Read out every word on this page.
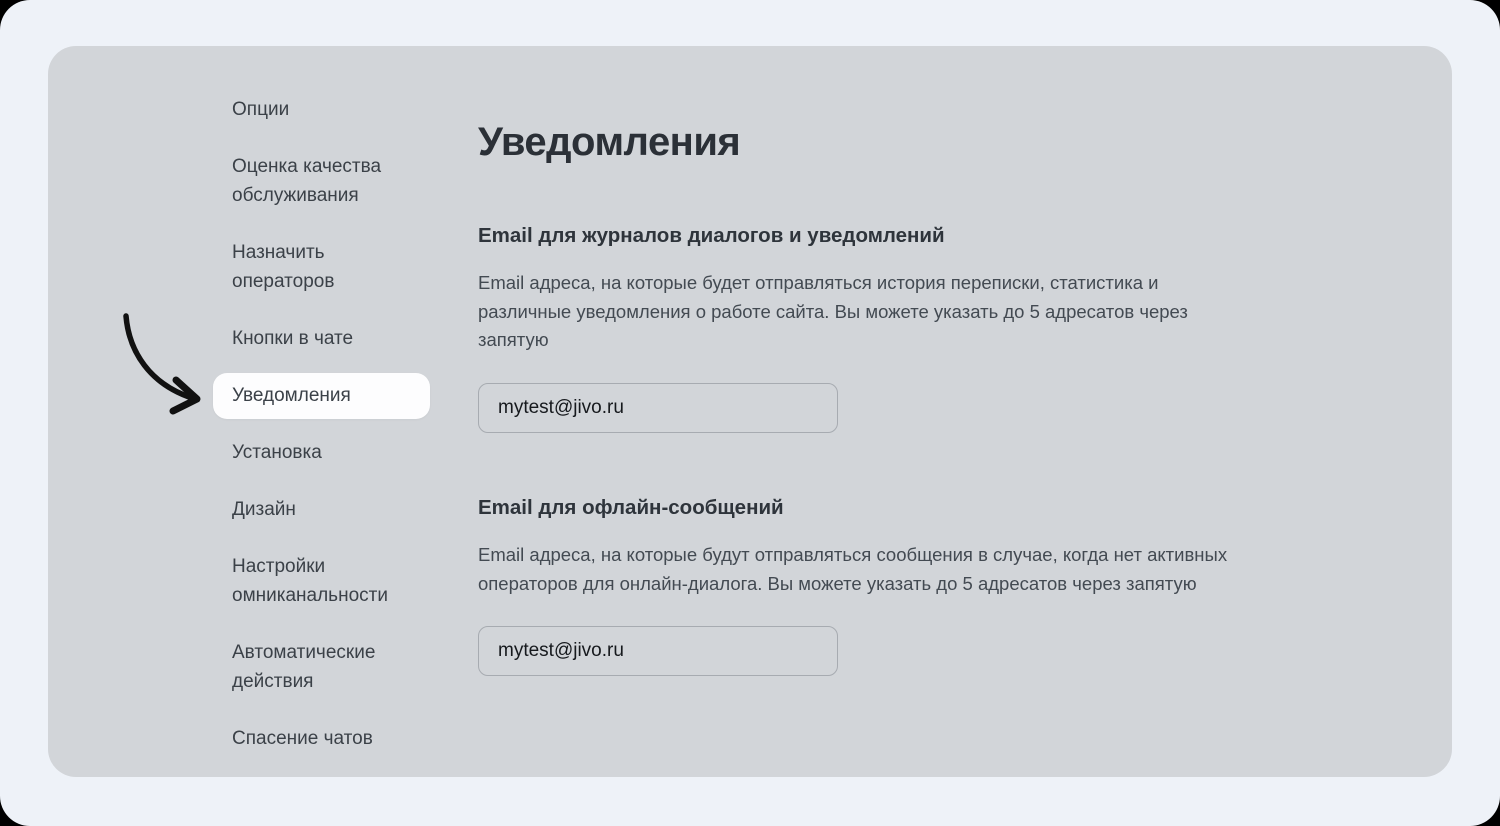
Опции
Оценка качества обслуживания
Назначить операторов
Кнопки в чате
Уведомления
Установка
Дизайн
Настройки омниканальности
Автоматические действия
Спасение чатов
Уведомления
Email для журналов диалогов и уведомлений

Email адреса, на которые будет отправляться история переписки, статистика и различные уведомления о работе сайта. Вы можете указать до 5 адресатов через запятую

mytest@jivo.ru
Email для офлайн-сообщений

Email адреса, на которые будут отправляться сообщения в случае, когда нет активных операторов для онлайн-диалога. Вы можете указать до 5 адресатов через запятую

mytest@jivo.ru
